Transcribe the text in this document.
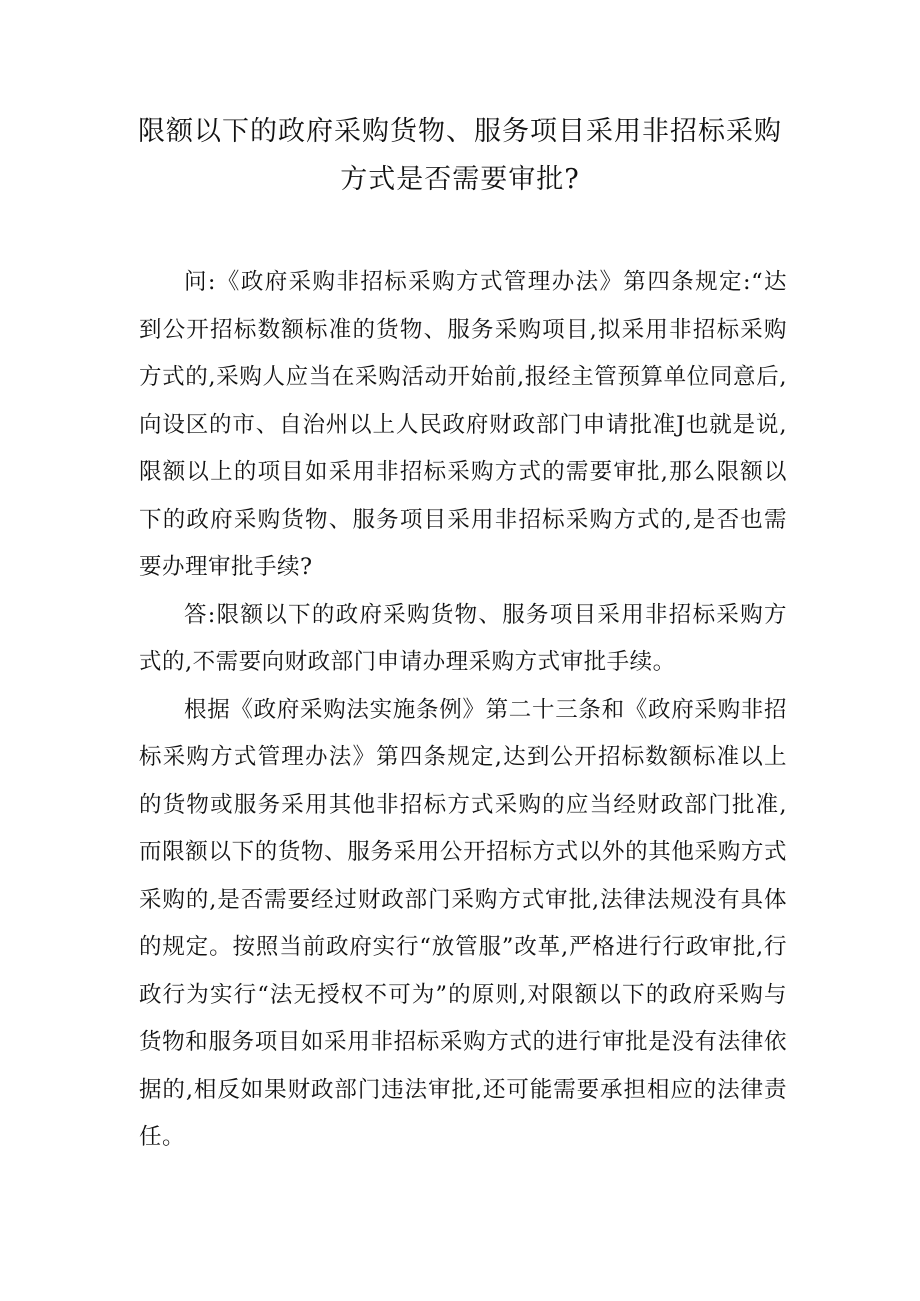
限额以下的政府采购货物、服务项目采用非招标采购方式是否需要审批?

问:《政府采购非招标采购方式管理办法》第四条规定:“达到公开招标数额标准的货物、服务采购项目,拟采用非招标采购方式的,采购人应当在采购活动开始前,报经主管预算单位同意后,向设区的市、自治州以上人民政府财政部门申请批准J也就是说,限额以上的项目如采用非招标采购方式的需要审批,那么限额以下的政府采购货物、服务项目采用非招标采购方式的,是否也需要办理审批手续?

答:限额以下的政府采购货物、服务项目采用非招标采购方式的,不需要向财政部门申请办理采购方式审批手续。

根据《政府采购法实施条例》第二十三条和《政府采购非招标采购方式管理办法》第四条规定,达到公开招标数额标准以上的货物或服务采用其他非招标方式采购的应当经财政部门批准,而限额以下的货物、服务采用公开招标方式以外的其他采购方式采购的,是否需要经过财政部门采购方式审批,法律法规没有具体的规定。按照当前政府实行“放管服”改革,严格进行行政审批,行政行为实行“法无授权不可为”的原则,对限额以下的政府采购与货物和服务项目如采用非招标采购方式的进行审批是没有法律依据的,相反如果财政部门违法审批,还可能需要承担相应的法律责任。
